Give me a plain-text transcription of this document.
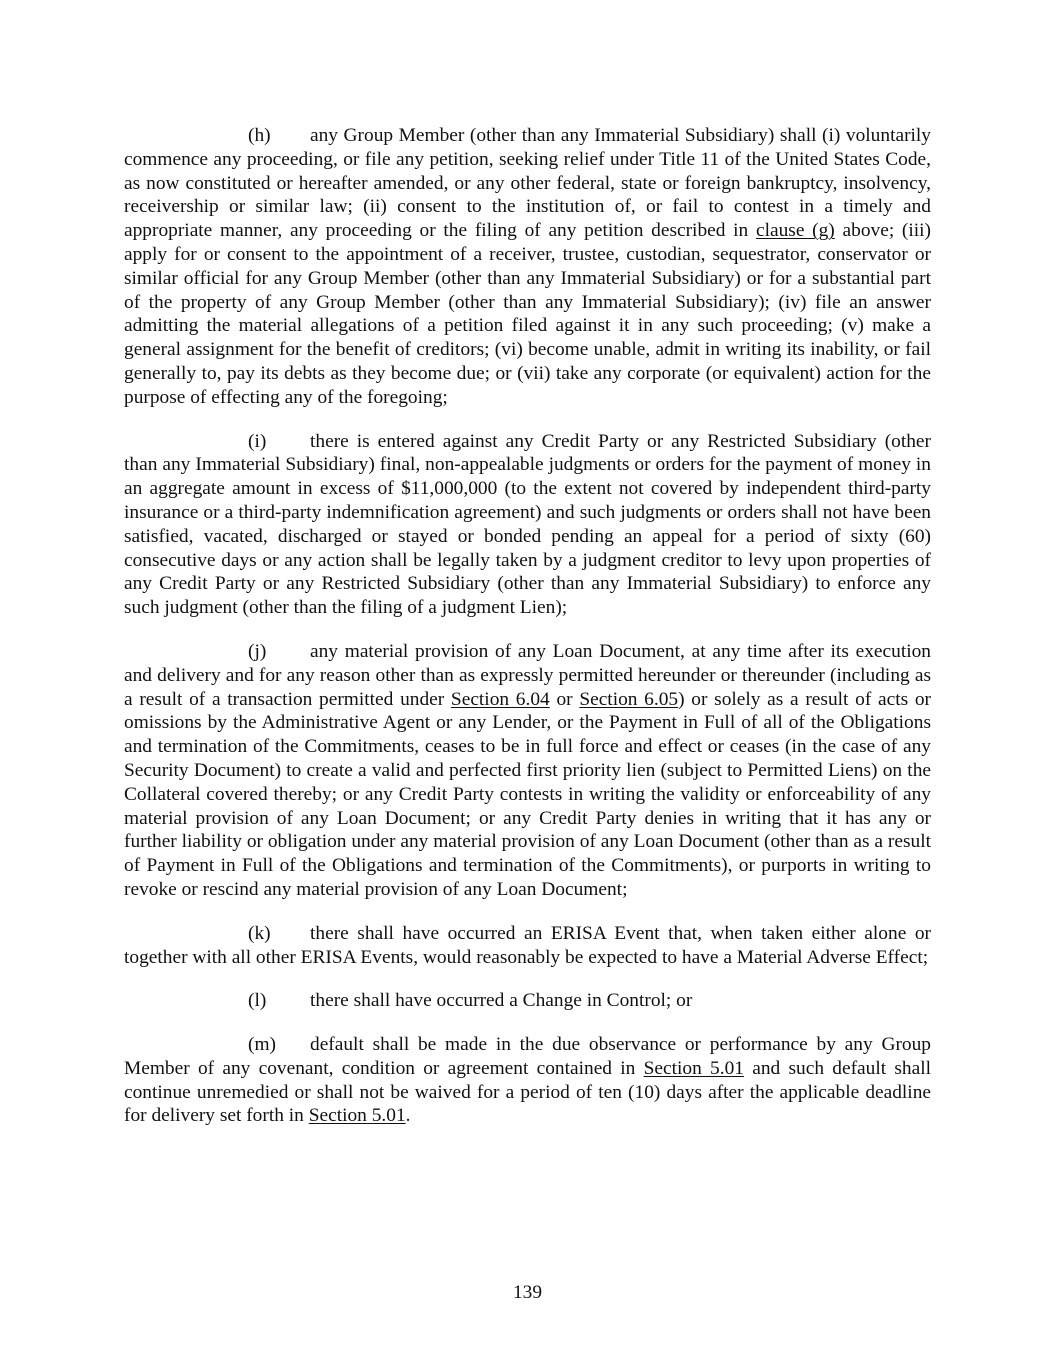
(h) any Group Member (other than any Immaterial Subsidiary) shall (i) voluntarily commence any proceeding, or file any petition, seeking relief under Title 11 of the United States Code, as now constituted or hereafter amended, or any other federal, state or foreign bankruptcy, insolvency, receivership or similar law; (ii) consent to the institution of, or fail to contest in a timely and appropriate manner, any proceeding or the filing of any petition described in clause (g) above; (iii) apply for or consent to the appointment of a receiver, trustee, custodian, sequestrator, conservator or similar official for any Group Member (other than any Immaterial Subsidiary) or for a substantial part of the property of any Group Member (other than any Immaterial Subsidiary); (iv) file an answer admitting the material allegations of a petition filed against it in any such proceeding; (v) make a general assignment for the benefit of creditors; (vi) become unable, admit in writing its inability, or fail generally to, pay its debts as they become due; or (vii) take any corporate (or equivalent) action for the purpose of effecting any of the foregoing;

(i) there is entered against any Credit Party or any Restricted Subsidiary (other than any Immaterial Subsidiary) final, non-appealable judgments or orders for the payment of money in an aggregate amount in excess of $11,000,000 (to the extent not covered by independent third-party insurance or a third-party indemnification agreement) and such judgments or orders shall not have been satisfied, vacated, discharged or stayed or bonded pending an appeal for a period of sixty (60) consecutive days or any action shall be legally taken by a judgment creditor to levy upon properties of any Credit Party or any Restricted Subsidiary (other than any Immaterial Subsidiary) to enforce any such judgment (other than the filing of a judgment Lien);

(j) any material provision of any Loan Document, at any time after its execution and delivery and for any reason other than as expressly permitted hereunder or thereunder (including as a result of a transaction permitted under Section 6.04 or Section 6.05) or solely as a result of acts or omissions by the Administrative Agent or any Lender, or the Payment in Full of all of the Obligations and termination of the Commitments, ceases to be in full force and effect or ceases (in the case of any Security Document) to create a valid and perfected first priority lien (subject to Permitted Liens) on the Collateral covered thereby; or any Credit Party contests in writing the validity or enforceability of any material provision of any Loan Document; or any Credit Party denies in writing that it has any or further liability or obligation under any material provision of any Loan Document (other than as a result of Payment in Full of the Obligations and termination of the Commitments), or purports in writing to revoke or rescind any material provision of any Loan Document;

(k) there shall have occurred an ERISA Event that, when taken either alone or together with all other ERISA Events, would reasonably be expected to have a Material Adverse Effect;

(l) there shall have occurred a Change in Control; or

(m) default shall be made in the due observance or performance by any Group Member of any covenant, condition or agreement contained in Section 5.01 and such default shall continue unremedied or shall not be waived for a period of ten (10) days after the applicable deadline for delivery set forth in Section 5.01.

139
